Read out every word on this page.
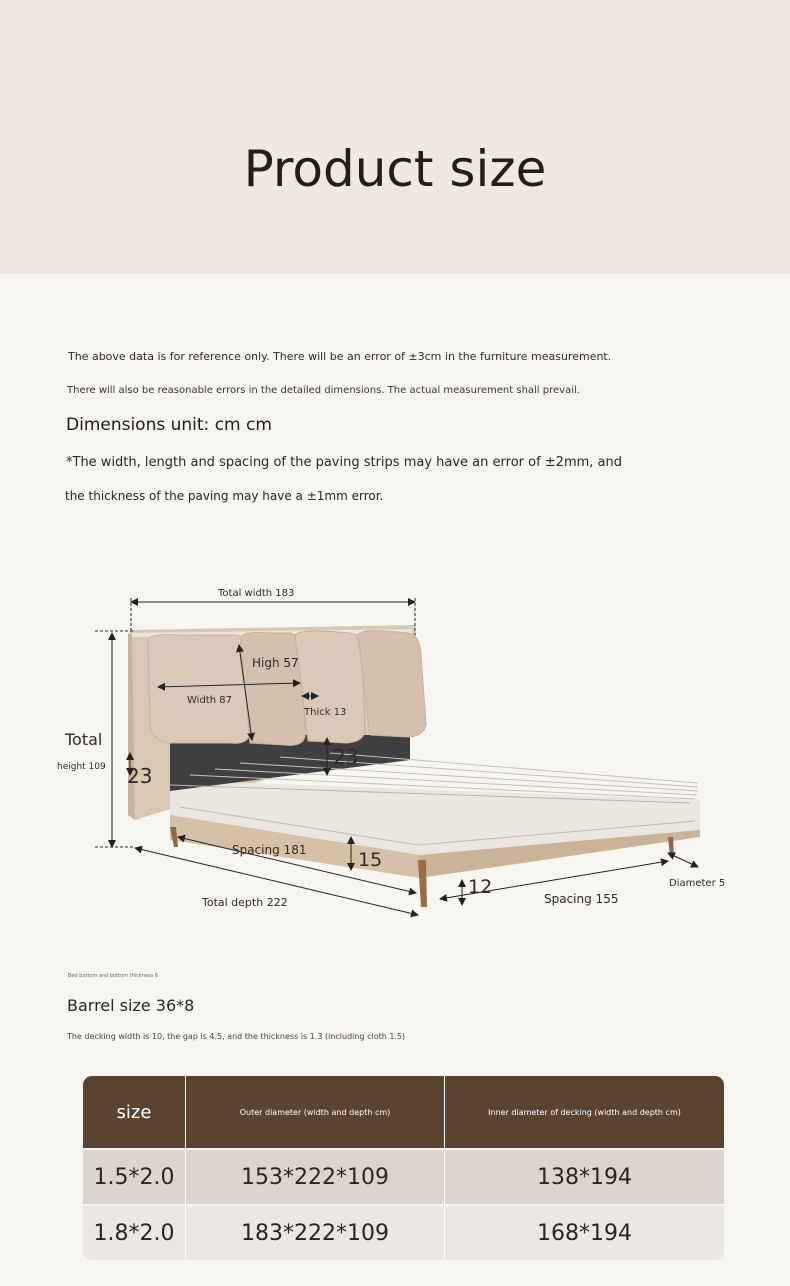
Product size
The above data is for reference only. There will be an error of ±3cm in the furniture measurement.
There will also be reasonable errors in the detailed dimensions. The actual measurement shall prevail.
Dimensions unit: cm cm
*The width, length and spacing of the paving strips may have an error of ±2mm, and
the thickness of the paving may have a ±1mm error.
Total width 183
High 57
Width 87
Thick 13
23
Total
height 109 23
Spacing 181	15
12
Spacing 155
Diameter 5
Total depth 222
Bed bottom and bottom thickness 6
Barrel size 36*8
The decking width is 10, the gap is 4.5, and the thickness is 1.3 (including cloth 1.5)
size	Outer diameter (width and depth cm)	Inner diameter of decking (width and depth cm)
1.5*2.0	153*222*109	138*194
1.8*2.0	183*222*109	168*194
